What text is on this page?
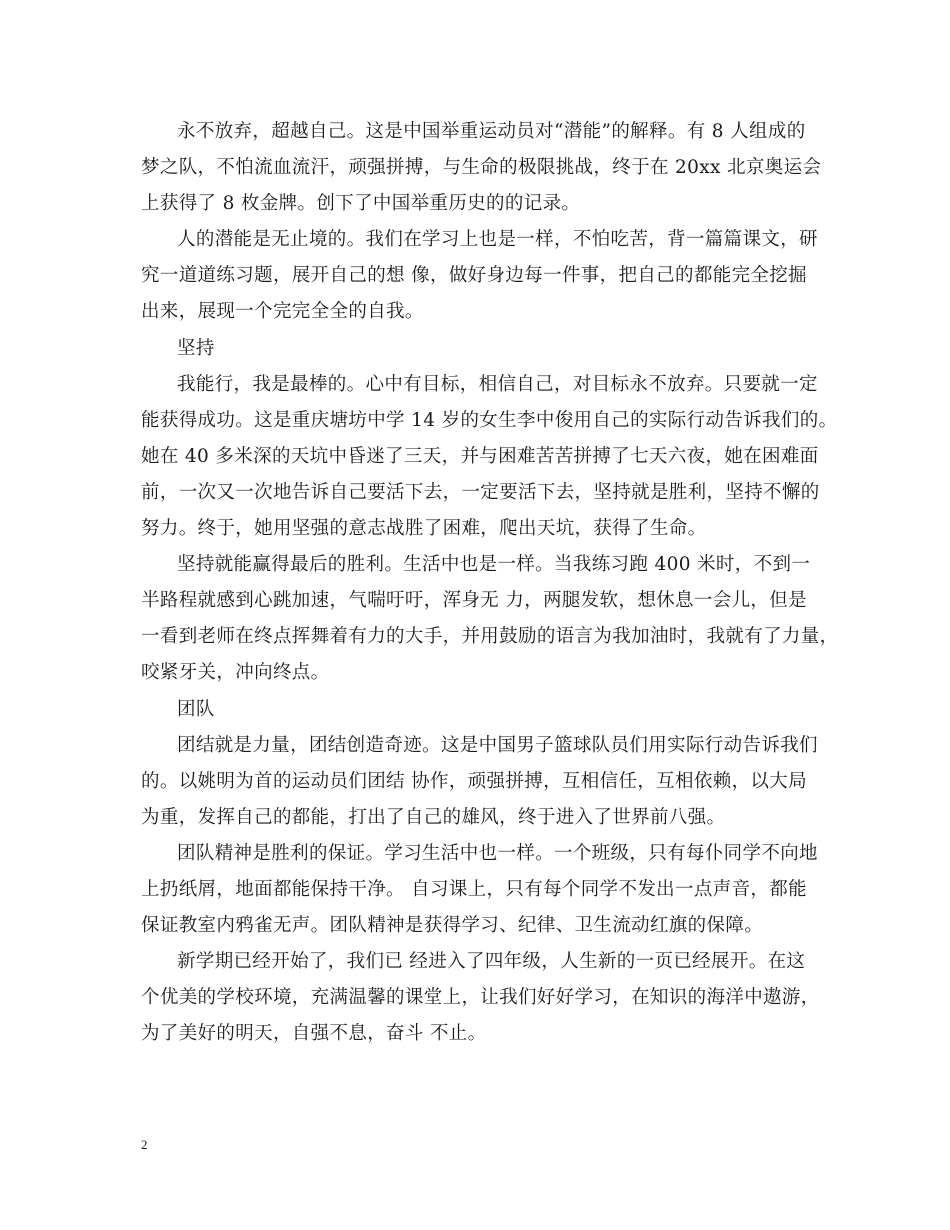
永不放弃，超越自己。这是中国举重运动员对“潜能”的解释。有 8 人组成的
梦之队，不怕流血流汗，顽强拼搏，与生命的极限挑战，终于在 20xx 北京奥运会
上获得了 8 枚金牌。创下了中国举重历史的的记录。
人的潜能是无止境的。我们在学习上也是一样，不怕吃苦，背一篇篇课文，研
究一道道练习题，展开自己的想 像，做好身边每一件事，把自己的都能完全挖掘
出来，展现一个完完全全的自我。
坚持
我能行，我是最棒的。心中有目标，相信自己，对目标永不放弃。只要就一定
能获得成功。这是重庆塘坊中学 14 岁的女生李中俊用自己的实际行动告诉我们的。
她在 40 多米深的天坑中昏迷了三天，并与困难苦苦拼搏了七天六夜，她在困难面
前，一次又一次地告诉自己要活下去，一定要活下去，坚持就是胜利，坚持不懈的
努力。终于，她用坚强的意志战胜了困难，爬出天坑，获得了生命。
坚持就能赢得最后的胜利。生活中也是一样。当我练习跑 400 米时，不到一
半路程就感到心跳加速，气喘吁吁，浑身无 力，两腿发软，想休息一会儿，但是
一看到老师在终点挥舞着有力的大手，并用鼓励的语言为我加油时，我就有了力量，
咬紧牙关，冲向终点。
团队
团结就是力量，团结创造奇迹。这是中国男子篮球队员们用实际行动告诉我们
的。以姚明为首的运动员们团结 协作，顽强拼搏，互相信任，互相依赖，以大局
为重，发挥自己的都能，打出了自己的雄风，终于进入了世界前八强。
团队精神是胜利的保证。学习生活中也一样。一个班级，只有每仆同学不向地
上扔纸屑，地面都能保持干净。 自习课上，只有每个同学不发出一点声音，都能
保证教室内鸦雀无声。团队精神是获得学习、纪律、卫生流动红旗的保障。
新学期已经开始了，我们已 经进入了四年级，人生新的一页已经展开。在这
个优美的学校环境，充满温馨的课堂上，让我们好好学习，在知识的海洋中遨游，
为了美好的明天，自强不息，奋斗 不止。
2
